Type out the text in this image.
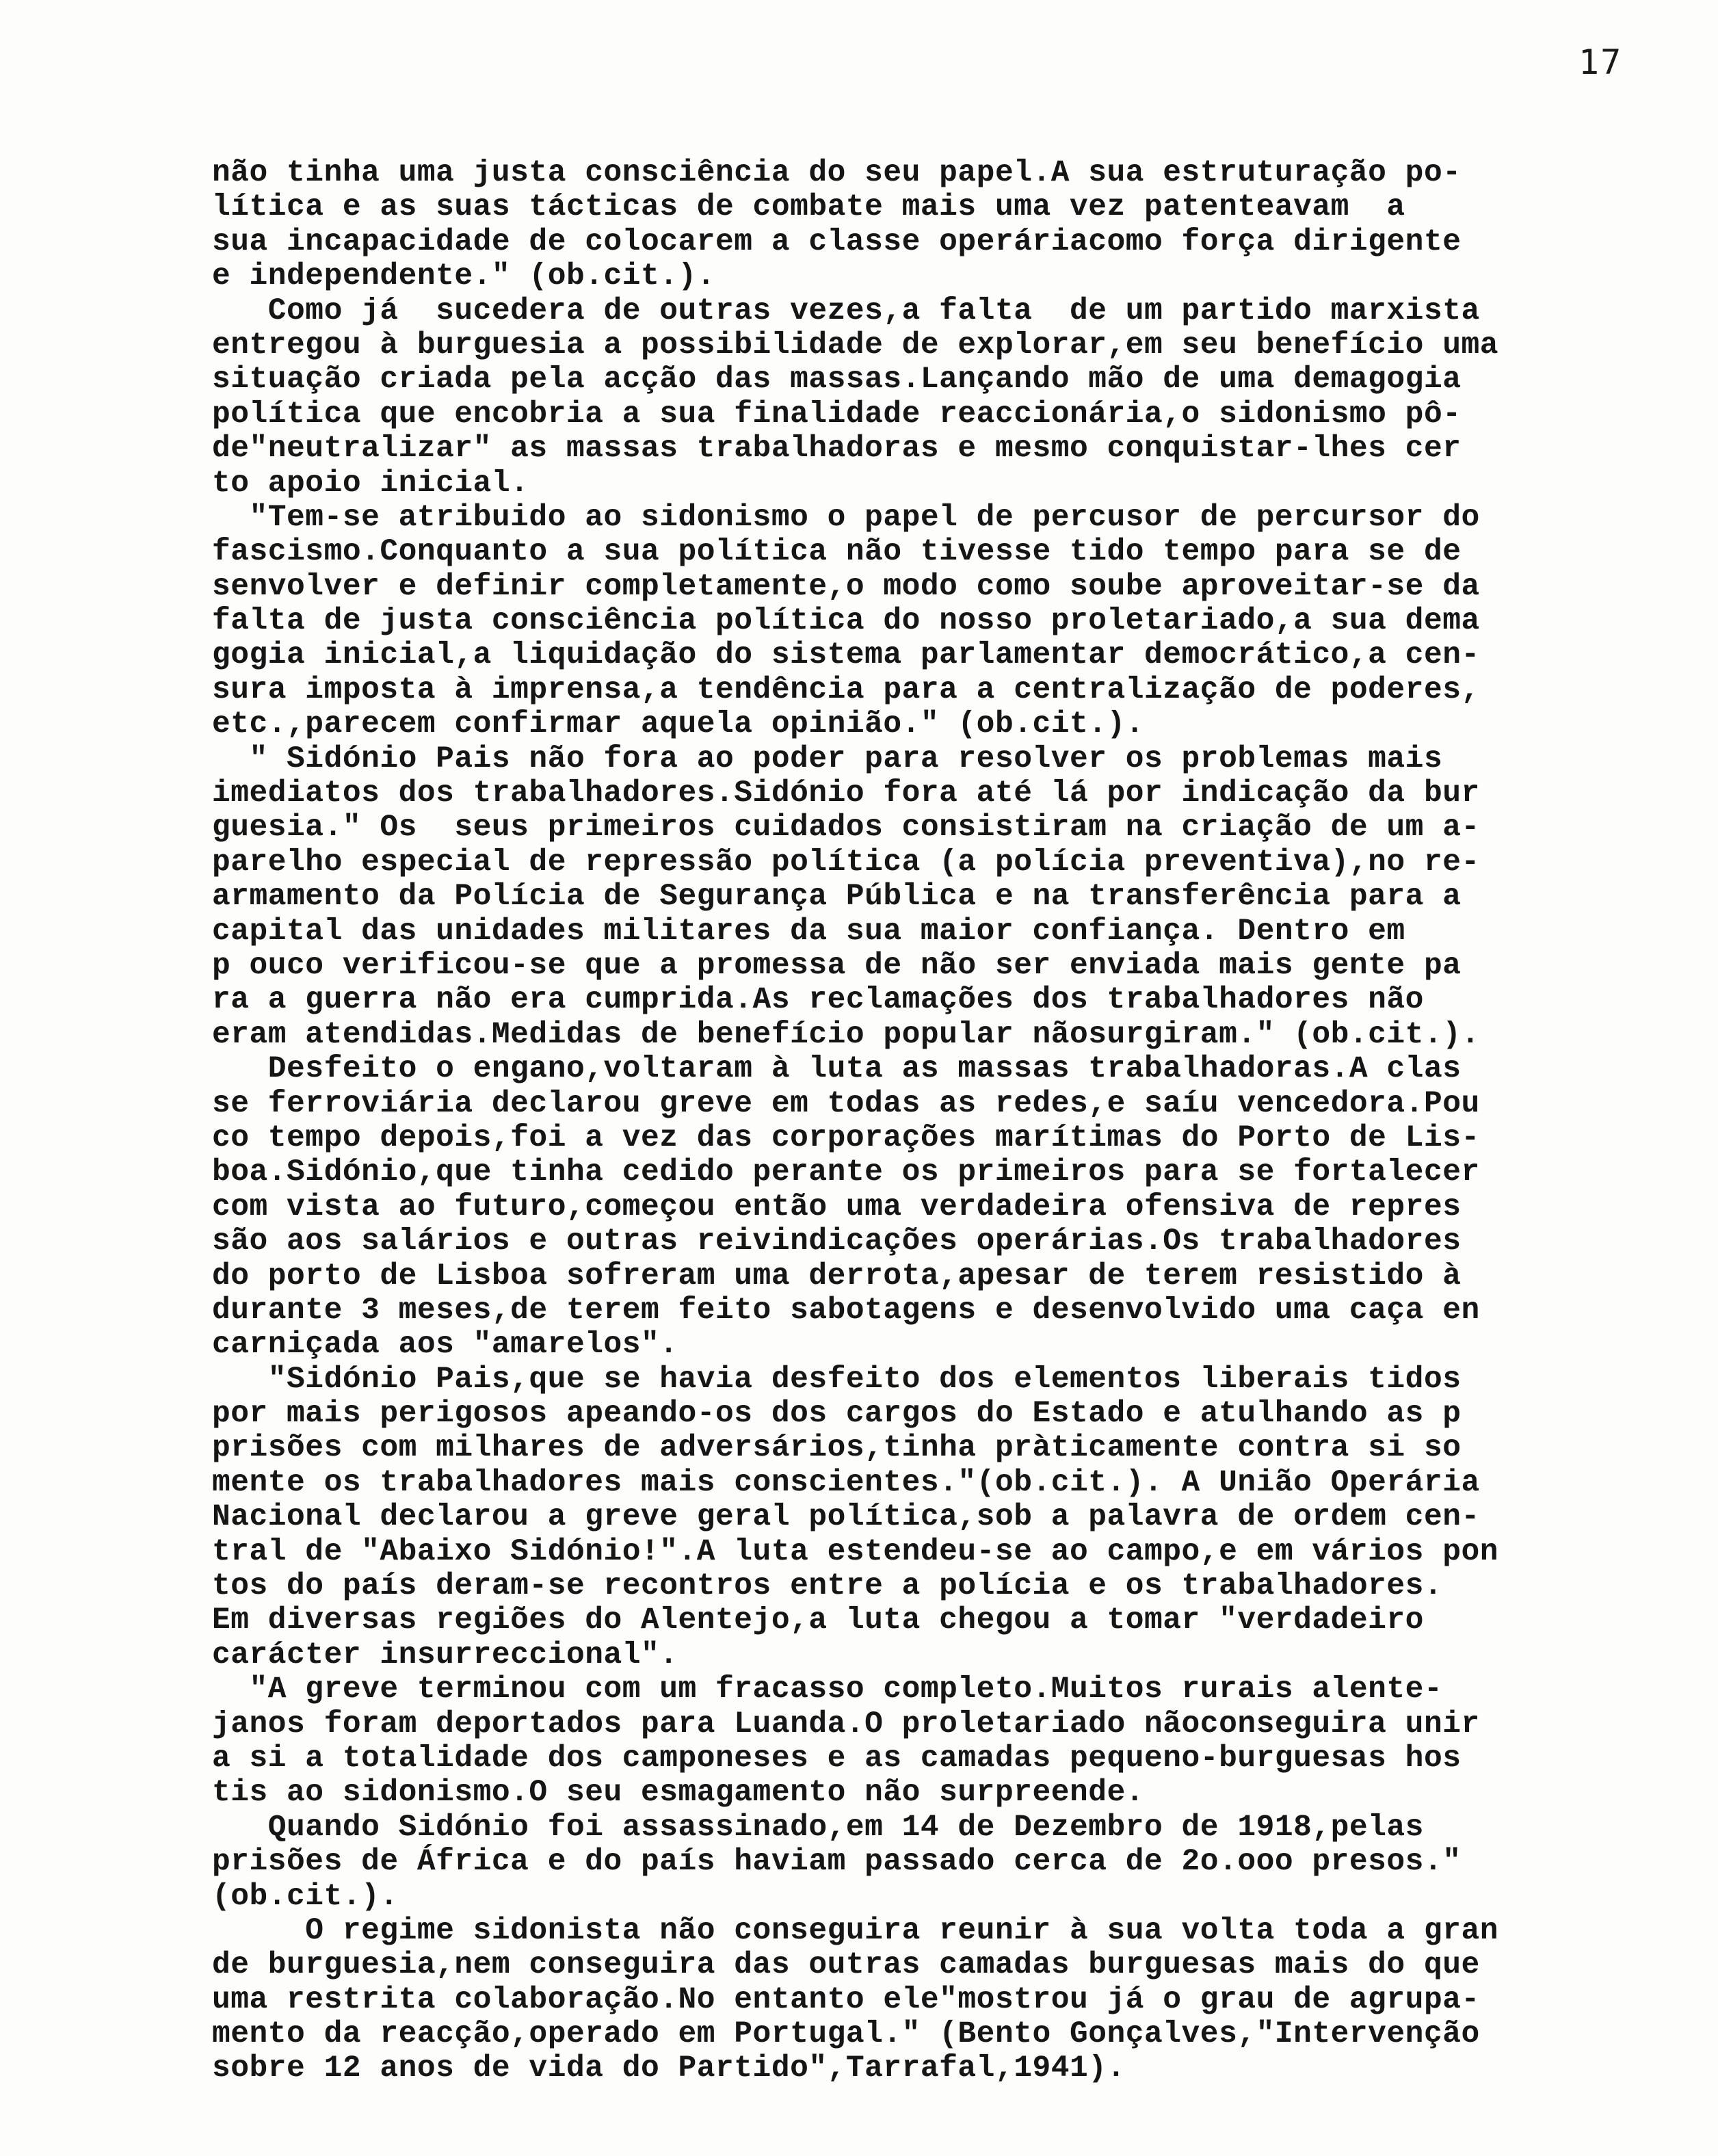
17
não tinha uma justa consciência do seu papel.A sua estruturação po-
lítica e as suas tácticas de combate mais uma vez patenteavam  a
sua incapacidade de colocarem a classe operáriacomo força dirigente
e independente." (ob.cit.).
Como já  sucedera de outras vezes,a falta  de um partido marxista
entregou à burguesia a possibilidade de explorar,em seu benefício uma
situação criada pela acção das massas.Lançando mão de uma demagogia
política que encobria a sua finalidade reaccionária,o sidonismo pô-
de"neutralizar" as massas trabalhadoras e mesmo conquistar-lhes cer
to apoio inicial.
"Tem-se atribuido ao sidonismo o papel de percusor de percursor do
fascismo.Conquanto a sua política não tivesse tido tempo para se de
senvolver e definir completamente,o modo como soube aproveitar-se da
falta de justa consciência política do nosso proletariado,a sua dema
gogia inicial,a liquidação do sistema parlamentar democrático,a cen-
sura imposta à imprensa,a tendência para a centralização de poderes,
etc.,parecem confirmar aquela opinião." (ob.cit.).
" Sidónio Pais não fora ao poder para resolver os problemas mais
imediatos dos trabalhadores.Sidónio fora até lá por indicação da bur
guesia." Os  seus primeiros cuidados consistiram na criação de um a-
parelho especial de repressão política (a polícia preventiva),no re-
armamento da Polícia de Segurança Pública e na transferência para a
capital das unidades militares da sua maior confiança. Dentro em
p ouco verificou-se que a promessa de não ser enviada mais gente pa
ra a guerra não era cumprida.As reclamações dos trabalhadores não
eram atendidas.Medidas de benefício popular nãosurgiram." (ob.cit.).
Desfeito o engano,voltaram à luta as massas trabalhadoras.A clas
se ferroviária declarou greve em todas as redes,e saíu vencedora.Pou
co tempo depois,foi a vez das corporações marítimas do Porto de Lis-
boa.Sidónio,que tinha cedido perante os primeiros para se fortalecer
com vista ao futuro,começou então uma verdadeira ofensiva de repres
são aos salários e outras reivindicações operárias.Os trabalhadores
do porto de Lisboa sofreram uma derrota,apesar de terem resistido à
durante 3 meses,de terem feito sabotagens e desenvolvido uma caça en
carniçada aos "amarelos".
"Sidónio Pais,que se havia desfeito dos elementos liberais tidos
por mais perigosos apeando-os dos cargos do Estado e atulhando as p
prisões com milhares de adversários,tinha pràticamente contra si so
mente os trabalhadores mais conscientes."(ob.cit.). A União Operária
Nacional declarou a greve geral política,sob a palavra de ordem cen-
tral de "Abaixo Sidónio!".A luta estendeu-se ao campo,e em vários pon
tos do país deram-se recontros entre a polícia e os trabalhadores.
Em diversas regiões do Alentejo,a luta chegou a tomar "verdadeiro
carácter insurreccional".
"A greve terminou com um fracasso completo.Muitos rurais alente-
janos foram deportados para Luanda.O proletariado nãoconseguira unir
a si a totalidade dos camponeses e as camadas pequeno-burguesas hos
tis ao sidonismo.O seu esmagamento não surpreende.
Quando Sidónio foi assassinado,em 14 de Dezembro de 1918,pelas
prisões de África e do país haviam passado cerca de 2o.ooo presos."
(ob.cit.).
O regime sidonista não conseguira reunir à sua volta toda a gran
de burguesia,nem conseguira das outras camadas burguesas mais do que
uma restrita colaboração.No entanto ele"mostrou já o grau de agrupa-
mento da reacção,operado em Portugal." (Bento Gonçalves,"Intervenção
sobre 12 anos de vida do Partido",Tarrafal,1941).
